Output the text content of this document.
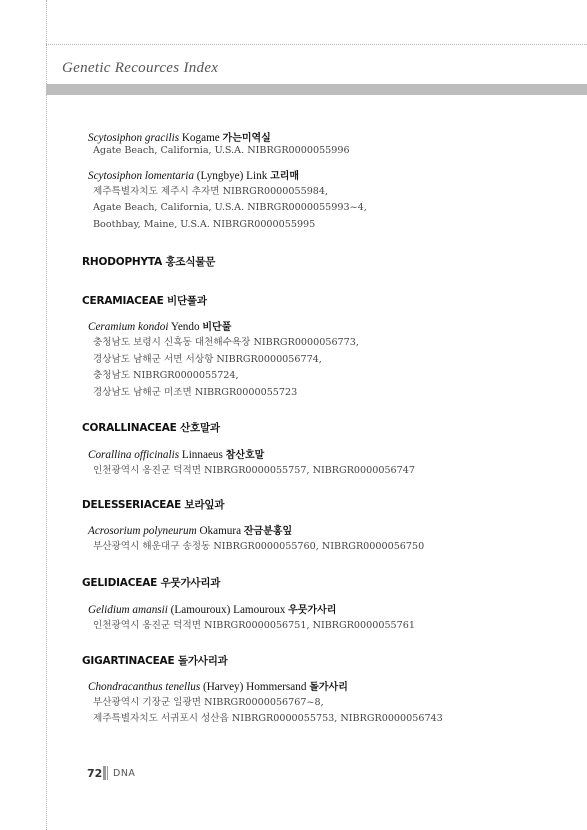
Genetic Recources Index
Scytosiphon gracilis Kogame 가는미역실
Agate Beach, California, U.S.A. NIBRGR0000055996
Scytosiphon lomentaria (Lyngbye) Link 고리매
제주특별자치도 제주시 추자면 NIBRGR0000055984,
Agate Beach, California, U.S.A. NIBRGR0000055993~4,
Boothbay, Maine, U.S.A. NIBRGR0000055995
RHODOPHYTA 홍조식물문
CERAMIACEAE 비단풀과
Ceramium kondoi Yendo 비단풀
충청남도 보령시 신흑동 대천해수욕장 NIBRGR0000056773,
경상남도 남해군 서면 서상항 NIBRGR0000056774,
충청남도 NIBRGR0000055724,
경상남도 남해군 미조면 NIBRGR0000055723
CORALLINACEAE 산호말과
Corallina officinalis Linnaeus 참산호말
인천광역시 옹진군 덕적면 NIBRGR0000055757, NIBRGR0000056747
DELESSERIACEAE 보라잎과
Acrosorium polyneurum Okamura 잔금분홍잎
부산광역시 해운대구 송정동 NIBRGR0000055760, NIBRGR0000056750
GELIDIACEAE 우뭇가사리과
Gelidium amansii (Lamouroux) Lamouroux 우뭇가사리
인천광역시 옹진군 덕적면 NIBRGR0000056751, NIBRGR0000055761
GIGARTINACEAE 돌가사리과
Chondracanthus tenellus (Harvey) Hommersand 돌가사리
부산광역시 기장군 일광면 NIBRGR0000056767~8,
제주특별자치도 서귀포시 성산읍 NIBRGR0000055753, NIBRGR0000056743
72 DNA
